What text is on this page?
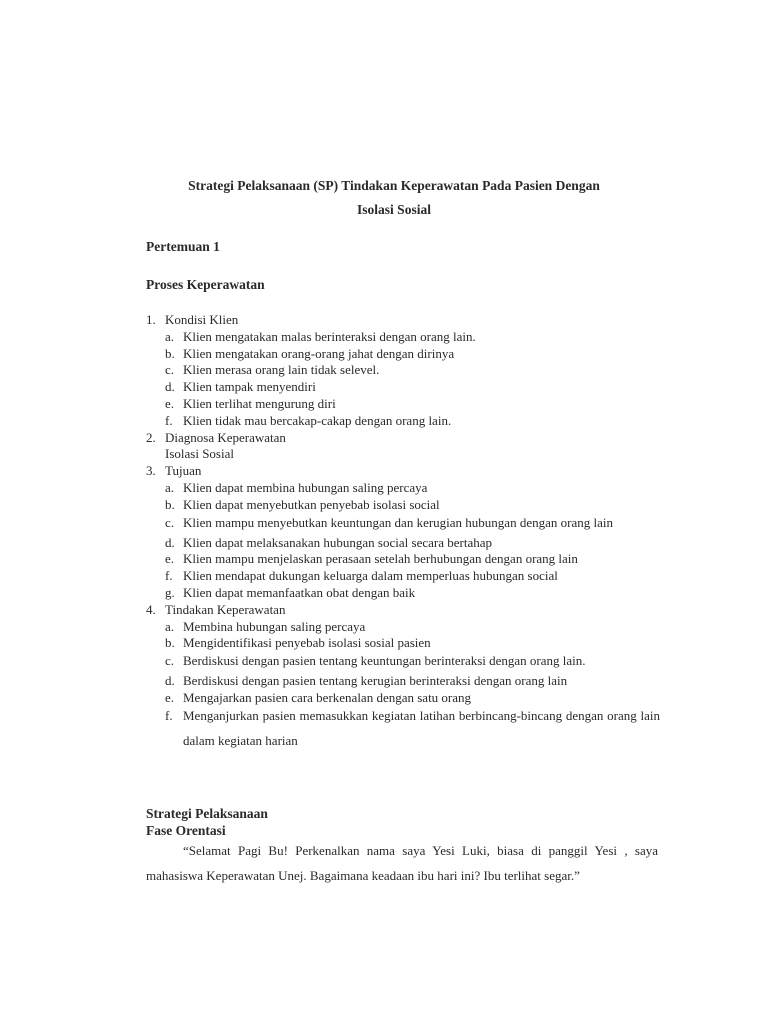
Strategi Pelaksanaan (SP) Tindakan Keperawatan Pada Pasien Dengan
Isolasi Sosial
Pertemuan 1
Proses Keperawatan
1. Kondisi Klien
a. Klien mengatakan malas berinteraksi dengan orang lain.
b. Klien mengatakan orang-orang jahat dengan dirinya
c. Klien merasa orang lain tidak selevel.
d. Klien tampak menyendiri
e. Klien terlihat mengurung diri
f. Klien tidak mau bercakap-cakap dengan orang lain.
2. Diagnosa Keperawatan
Isolasi Sosial
3. Tujuan
a. Klien dapat membina hubungan saling percaya
b. Klien dapat menyebutkan penyebab isolasi social
c. Klien mampu menyebutkan keuntungan dan kerugian hubungan dengan orang lain
d. Klien dapat melaksanakan hubungan social secara bertahap
e. Klien mampu menjelaskan perasaan setelah berhubungan dengan orang lain
f. Klien mendapat dukungan keluarga dalam memperluas hubungan social
g. Klien dapat memanfaatkan obat dengan baik
4. Tindakan Keperawatan
a. Membina hubungan saling percaya
b. Mengidentifikasi penyebab isolasi sosial pasien
c. Berdiskusi dengan pasien tentang keuntungan berinteraksi dengan orang lain.
d. Berdiskusi dengan pasien tentang kerugian berinteraksi dengan orang lain
e. Mengajarkan pasien cara berkenalan dengan satu orang
f. Menganjurkan pasien memasukkan kegiatan latihan berbincang-bincang dengan orang lain dalam kegiatan harian
Strategi Pelaksanaan
Fase Orentasi
“Selamat Pagi Bu! Perkenalkan nama saya Yesi Luki, biasa di panggil Yesi , saya mahasiswa Keperawatan Unej. Bagaimana keadaan ibu hari ini? Ibu terlihat segar.”
